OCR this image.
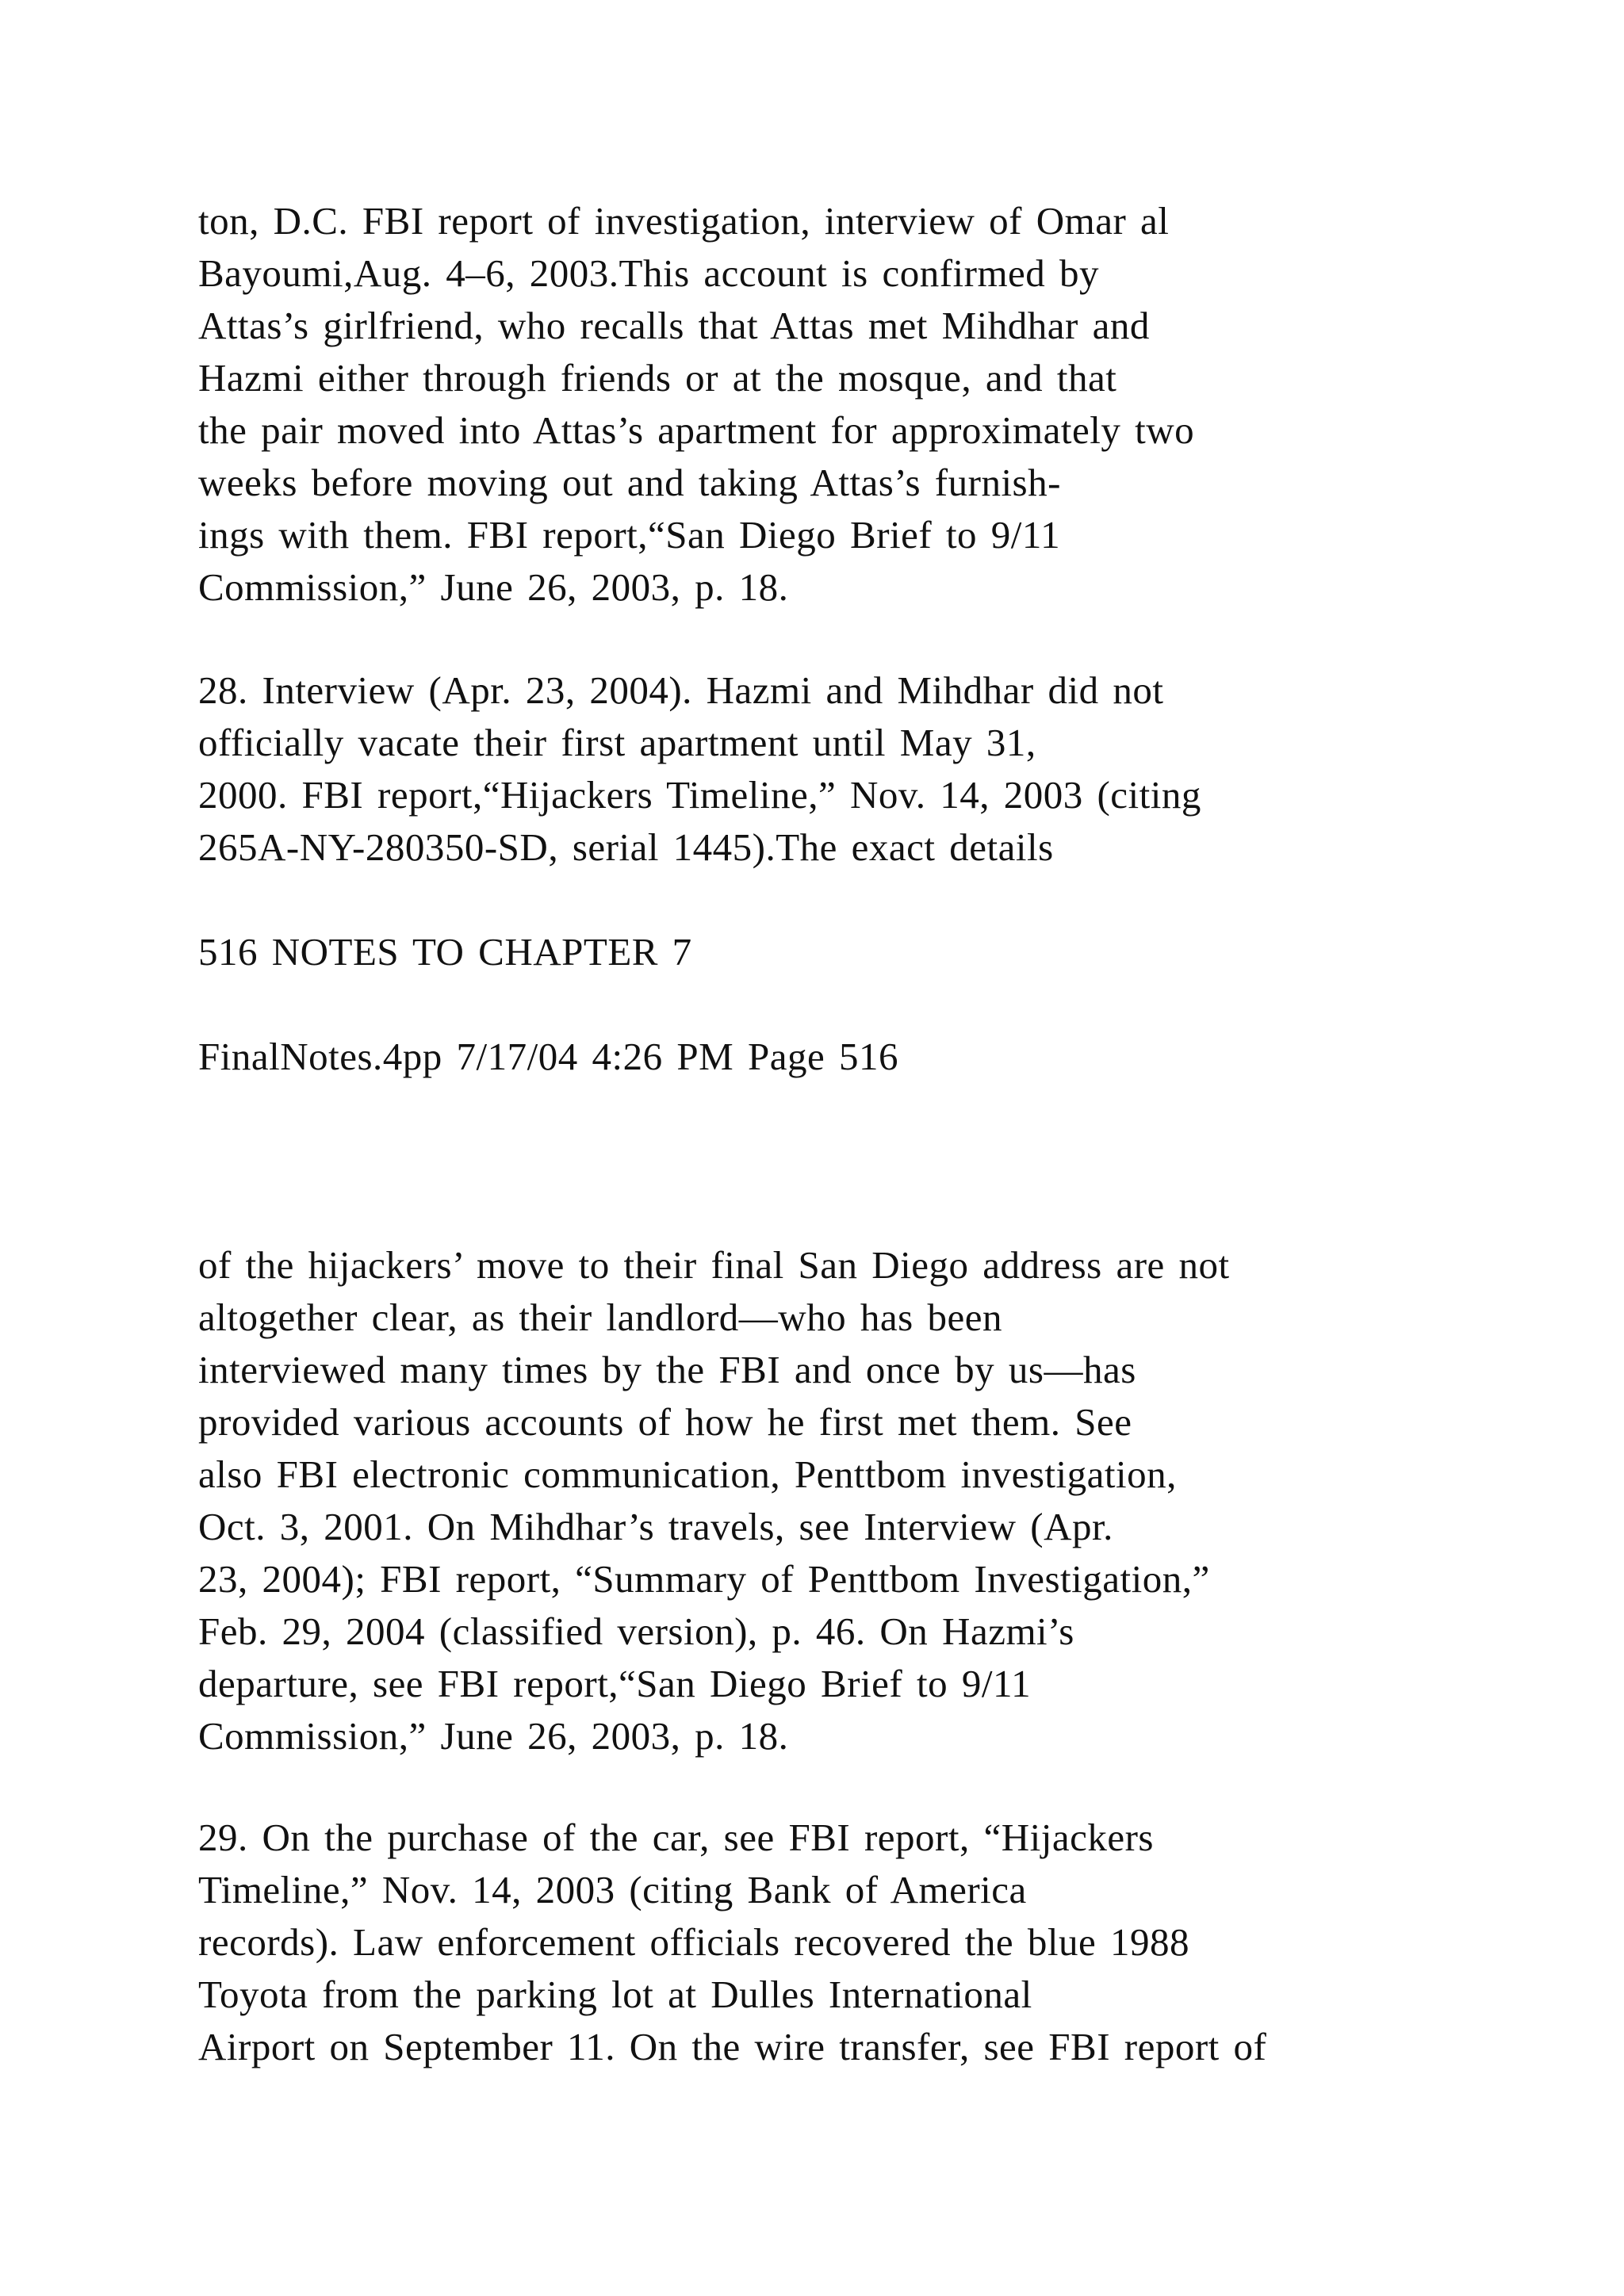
ton, D.C. FBI report of investigation, interview of Omar al
Bayoumi,Aug. 4–6, 2003.This account is confirmed by
Attas’s girlfriend, who recalls that Attas met Mihdhar and
Hazmi either through friends or at the mosque, and that
the pair moved into Attas’s apartment for approximately two
weeks before moving out and taking Attas’s furnish-
ings with them. FBI report,“San Diego Brief to 9/11
Commission,” June 26, 2003, p. 18.
28. Interview (Apr. 23, 2004). Hazmi and Mihdhar did not
officially vacate their first apartment until May 31,
2000. FBI report,“Hijackers Timeline,” Nov. 14, 2003 (citing
265A-NY-280350-SD, serial 1445).The exact details
516 NOTES TO CHAPTER 7
FinalNotes.4pp 7/17/04 4:26 PM Page 516
of the hijackers’ move to their final San Diego address are not
altogether clear, as their landlord—who has been
interviewed many times by the FBI and once by us—has
provided various accounts of how he first met them. See
also FBI electronic communication, Penttbom investigation,
Oct. 3, 2001. On Mihdhar’s travels, see Interview (Apr.
23, 2004); FBI report, “Summary of Penttbom Investigation,”
Feb. 29, 2004 (classified version), p. 46. On Hazmi’s
departure, see FBI report,“San Diego Brief to 9/11
Commission,” June 26, 2003, p. 18.
29. On the purchase of the car, see FBI report, “Hijackers
Timeline,” Nov. 14, 2003 (citing Bank of America
records). Law enforcement officials recovered the blue 1988
Toyota from the parking lot at Dulles International
Airport on September 11. On the wire transfer, see FBI report of
